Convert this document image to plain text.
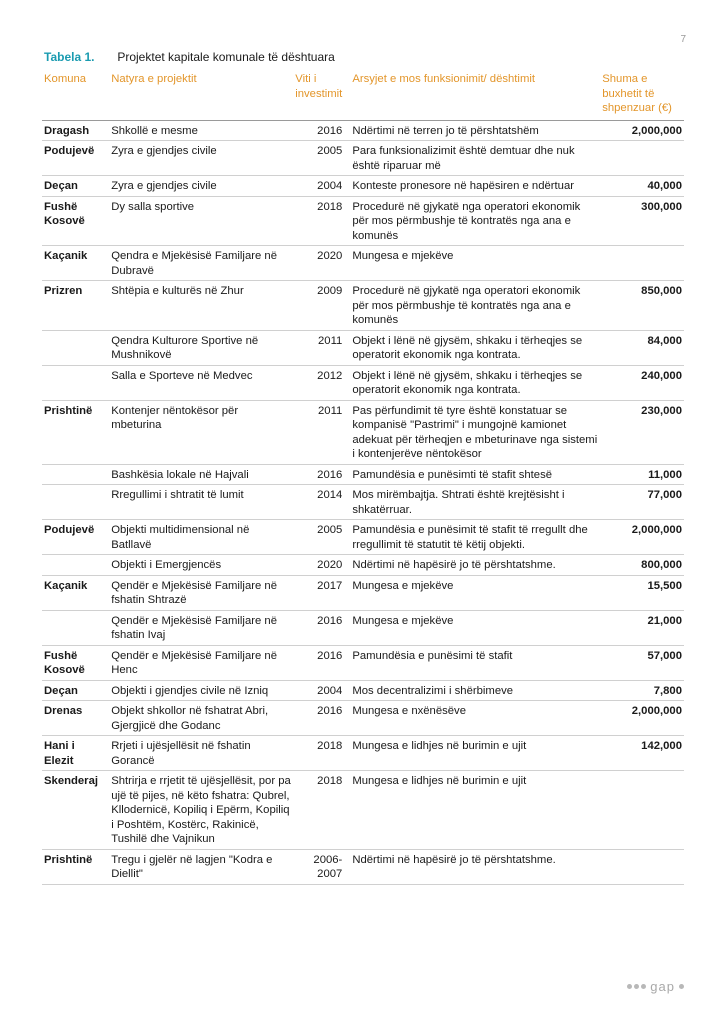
7
Tabela 1. Projektet kapitale komunale të dështuara
Komuna	Natyra e projektit	Viti i investimit	Arsyjet e mos funksionimit/ dështimit	Shuma e buxhetit të shpenzuar (€)
Dragash	Shkollë e mesme	2016	Ndërtimi në terren jo të përshtatshëm	2,000,000
Podujevë	Zyra e gjendjes civile	2005	Para funksionalizimit është demtuar dhe nuk është riparuar më	
Deçan	Zyra e gjendjes civile	2004	Konteste pronesore në hapësiren e ndërtuar	40,000
Fushë Kosovë	Dy salla sportive	2018	Procedurë në gjykatë nga operatori ekonomik për mos përmbushje të kontratës nga ana e komunës	300,000
Kaçanik	Qendra e Mjekësisë Familjare në Dubravë	2020	Mungesa e mjekëve	
Prizren	Shtëpia e kulturës në Zhur	2009	Procedurë në gjykatë nga operatori ekonomik për mos përmbushje të kontratës nga ana e komunës	850,000
	Qendra Kulturore Sportive në Mushnikovë	2011	Objekt i lënë në gjysëm, shkaku i tërheqjes se operatorit ekonomik nga kontrata.	84,000
	Salla e Sporteve në Medvec	2012	Objekt i lënë në gjysëm, shkaku i tërheqjes se operatorit ekonomik nga kontrata.	240,000
Prishtinë	Kontenjer nëntokësor për mbeturina	2011	Pas përfundimit të tyre është konstatuar se kompanisë "Pastrimi" i mungojnë kamionet adekuat për tërheqjen e mbeturinave nga sistemi i kontenjerëve nëntokësor	230,000
	Bashkësia lokale në Hajvali	2016	Pamundësia e punësimti të stafit shtesë	11,000
	Rregullimi i shtratit të lumit	2014	Mos mirëmbajtja. Shtrati është krejtësisht i shkatërruar.	77,000
Podujevë	Objekti multidimensional në Batllavë	2005	Pamundësia e punësimit të stafit të rregullt dhe rregullimit të statutit të këtij objekti.	2,000,000
	Objekti i Emergjencës	2020	Ndërtimi në hapësirë jo të përshtatshme.	800,000
Kaçanik	Qendër e Mjekësisë Familjare në fshatin Shtrazë	2017	Mungesa e mjekëve	15,500
	Qendër e Mjekësisë Familjare në fshatin Ivaj	2016	Mungesa e mjekëve	21,000
Fushë Kosovë	Qendër e Mjekësisë Familjare në Henc	2016	Pamundësia e punësimi të stafit	57,000
Deçan	Objekti i gjendjes civile në Izniq	2004	Mos decentralizimi i shërbimeve	7,800
Drenas	Objekt shkollor në fshatrat Abri, Gjergjicë dhe Godanc	2016	Mungesa e nxënësëve	2,000,000
Hani i Elezit	Rrjeti i ujësjellësit në fshatin Gorancë	2018	Mungesa e lidhjes në burimin e ujit	142,000
Skenderaj	Shtrirja e rrjetit të ujësjellësit, por pa ujë të pijes, në këto fshatra: Qubrel, Kllodernicë, Kopiliq i Epërm, Kopiliq i Poshtëm, Kostërc, Rakinicë, Tushilë dhe Vajnikun	2018	Mungesa e lidhjes në burimin e ujit	
Prishtinë	Tregu i gjelër në lagjen "Kodra e Diellit"	2006-2007	Ndërtimi në hapësirë jo të përshtatshme.	
gap
